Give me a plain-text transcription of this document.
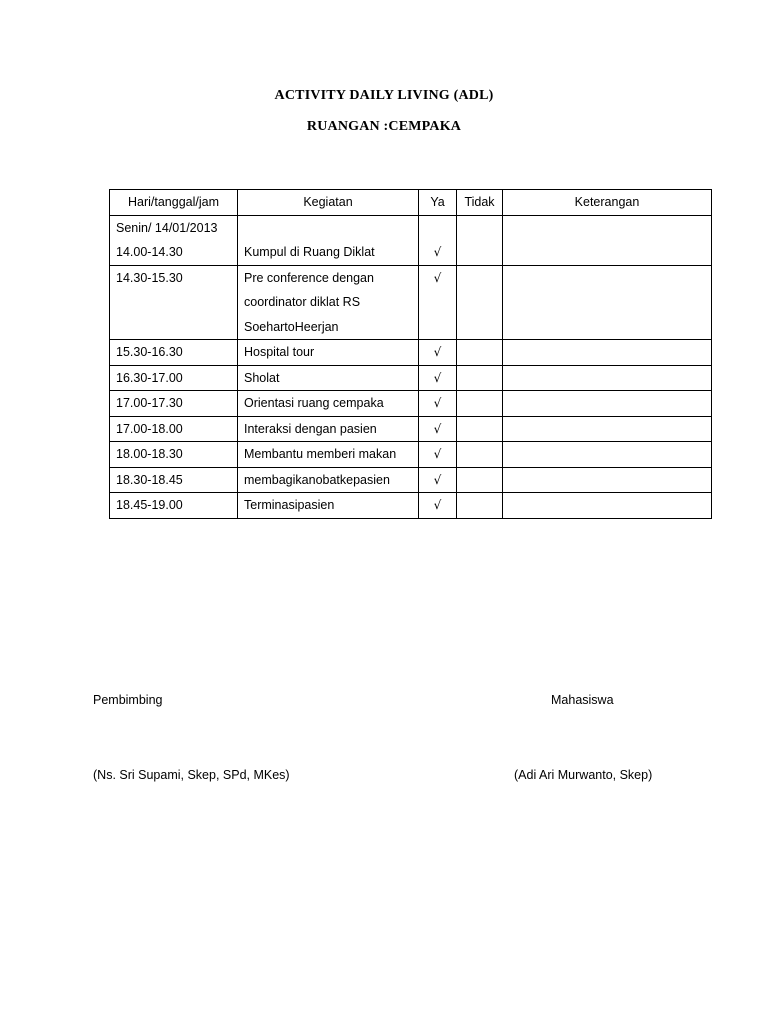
ACTIVITY DAILY LIVING (ADL)
RUANGAN :CEMPAKA
Hari/tanggal/jam	Kegiatan	Ya	Tidak	Keterangan

Senin/ 14/01/2013
14.00-14.30	Kumpul di Ruang Diklat	√		

14.30-15.30	Pre conference dengan
coordinator diklat RS
SoehartoHeerjan	√		

15.30-16.30	Hospital tour	√		

16.30-17.00	Sholat	√		

17.00-17.30	Orientasi ruang cempaka	√		

17.00-18.00	Interaksi dengan pasien	√		

18.00-18.30	Membantu memberi makan	√		

18.30-18.45	membagikanobatkepasien	√		

18.45-19.00	Terminasipasien	√		

Pembimbing	Mahasiswa
(Ns. Sri Supami, Skep, SPd, MKes)	(Adi Ari Murwanto, Skep)
